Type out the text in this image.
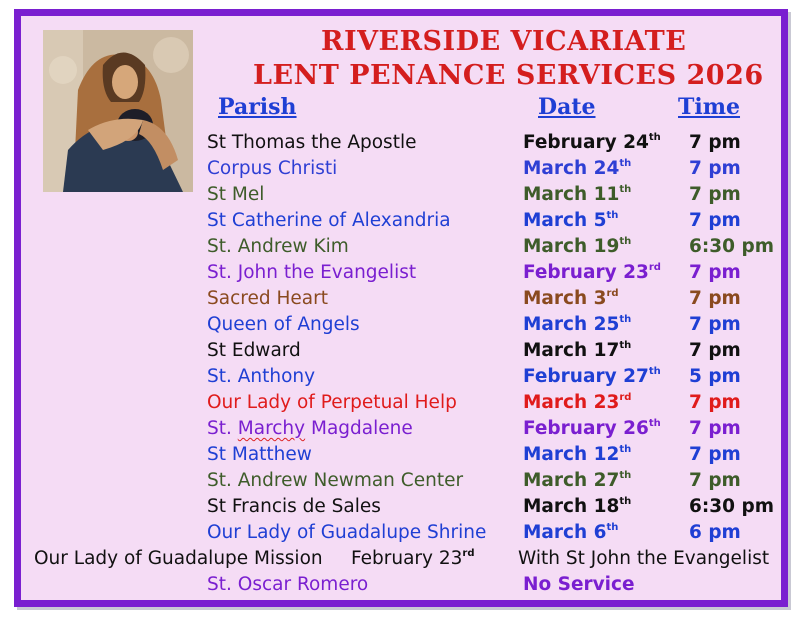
RIVERSIDE VICARIATE
LENT PENANCE SERVICES 2026
Parish	Date	Time
St Thomas the Apostle	February 24th 7 pm
Corpus Christi	March 24th	7 pm
St Mel	March 11th	7 pm
St Catherine of Alexandria	March 5th	7 pm
St. Andrew Kim	March 19th	6:30 pm
St. John the Evangelist	February 23rd 7 pm
Sacred Heart	March 3rd	7 pm
Queen of Angels	March 25th	7 pm
St Edward	March 17th	7 pm
St. Anthony	February 27th 5 pm
Our Lady of Perpetual Help	March 23rd	7 pm
St. Marchy Magdalene	February 26th 7 pm
St Matthew	March 12th	7 pm
St. Andrew Newman Center	March 27th	7 pm
St Francis de Sales	March 18th	6:30 pm
Our Lady of Guadalupe Shrine March 6th	6 pm
Our Lady of Guadalupe Mission February 23rd With St John the Evangelist
St. Oscar Romero	No Service
